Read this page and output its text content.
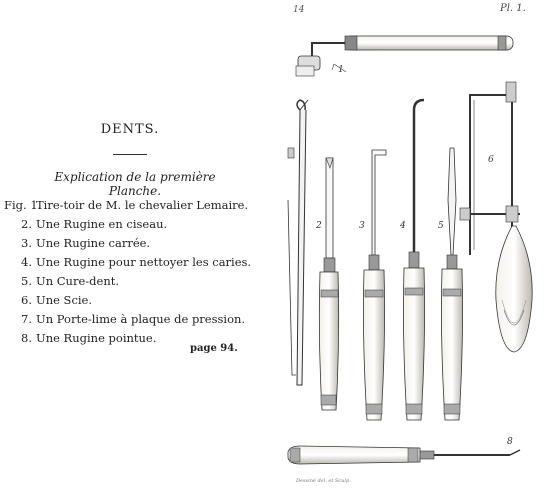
DENTS.
Explication de la première Planche.
Fig. 1.Tire-toir de M. le chevalier Lemaire.
2. Une Rugine en ciseau.
3. Une Rugine carrée.
4. Une Rugine pour nettoyer les caries.
5. Un Cure-dent.
6. Une Scie.
7. Un Porte-lime à plaque de pression.
8. Une Rugine pointue.
page 94.
14	Pl. 1.
2	3	4	5
6
8
1
Dessiné del. et Sculp.
